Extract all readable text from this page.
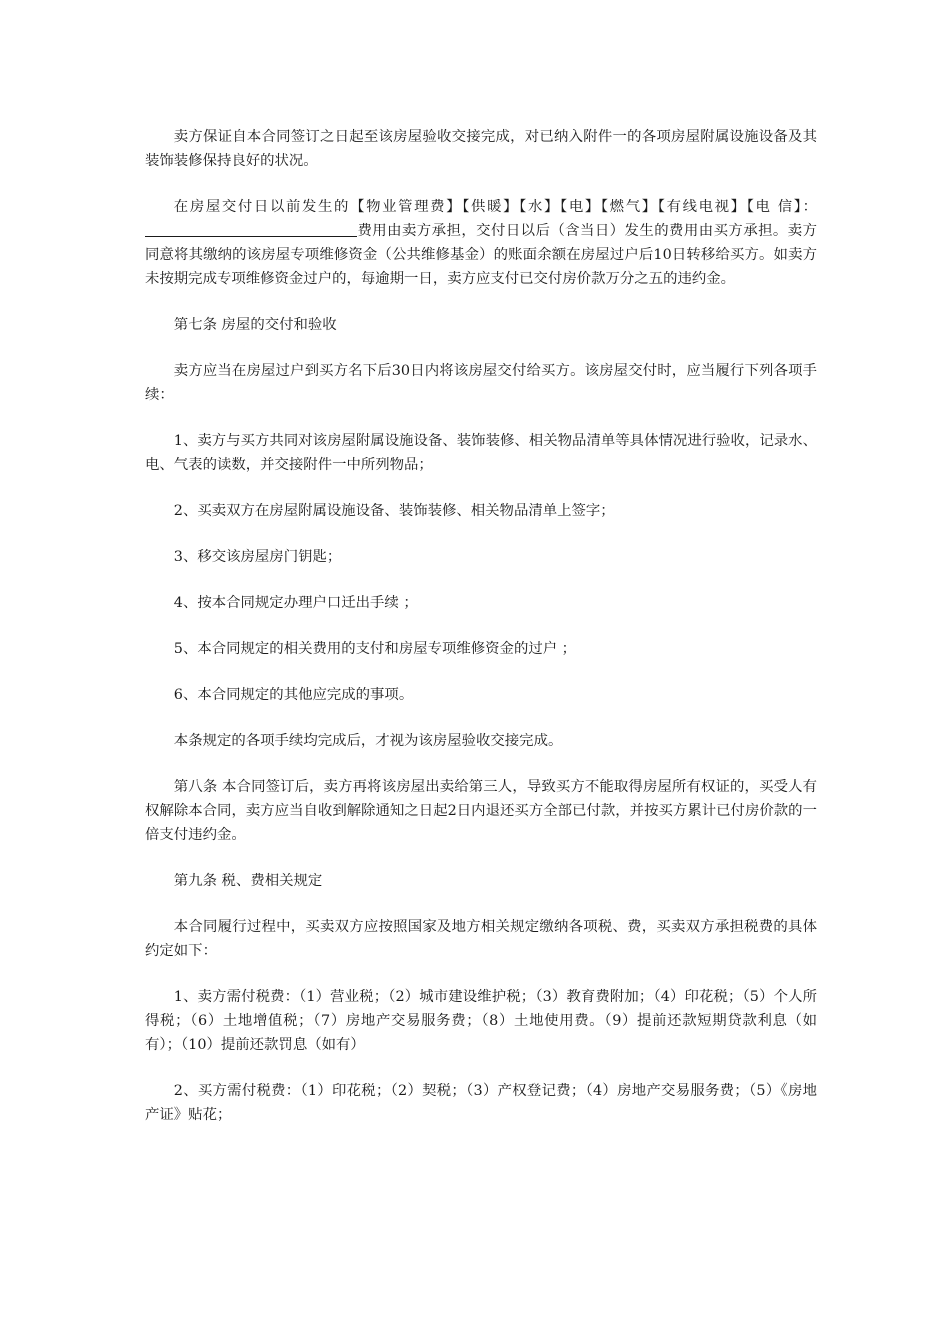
卖方保证自本合同签订之日起至该房屋验收交接完成，对已纳入附件一的各项房屋附属设施设备及其装饰装修保持良好的状况。

在房屋交付日以前发生的【物业管理费】【供暖】【水】【电】【燃气】【有线电视】【电 信】：费用由卖方承担，交付日以后（含当日）发生的费用由买方承担。卖方同意将其缴纳的该房屋专项维修资金（公共维修基金）的账面余额在房屋过户后10日转移给买方。如卖方未按期完成专项维修资金过户的，每逾期一日，卖方应支付已交付房价款万分之五的违约金。

第七条 房屋的交付和验收

卖方应当在房屋过户到买方名下后30日内将该房屋交付给买方。该房屋交付时，应当履行下列各项手续：

1、卖方与买方共同对该房屋附属设施设备、装饰装修、相关物品清单等具体情况进行验收，记录水、电、气表的读数，并交接附件一中所列物品；

2、买卖双方在房屋附属设施设备、装饰装修、相关物品清单上签字；

3、移交该房屋房门钥匙；

4、按本合同规定办理户口迁出手续 ；

5、本合同规定的相关费用的支付和房屋专项维修资金的过户 ；

6、本合同规定的其他应完成的事项。

本条规定的各项手续均完成后，才视为该房屋验收交接完成。

第八条 本合同签订后，卖方再将该房屋出卖给第三人，导致买方不能取得房屋所有权证的，买受人有权解除本合同，卖方应当自收到解除通知之日起2日内退还买方全部已付款，并按买方累计已付房价款的一倍支付违约金。

第九条 税、费相关规定

本合同履行过程中，买卖双方应按照国家及地方相关规定缴纳各项税、费，买卖双方承担税费的具体约定如下：

1、卖方需付税费：（1）营业税；（2）城市建设维护税；（3）教育费附加；（4）印花税；（5）个人所得税；（6）土地增值税；（7）房地产交易服务费；（8）土地使用费。（9）提前还款短期贷款利息（如有）；（10）提前还款罚息（如有）

2、买方需付税费：（1）印花税；（2）契税；（3）产权登记费；（4）房地产交易服务费；（5）《房地产证》贴花；
